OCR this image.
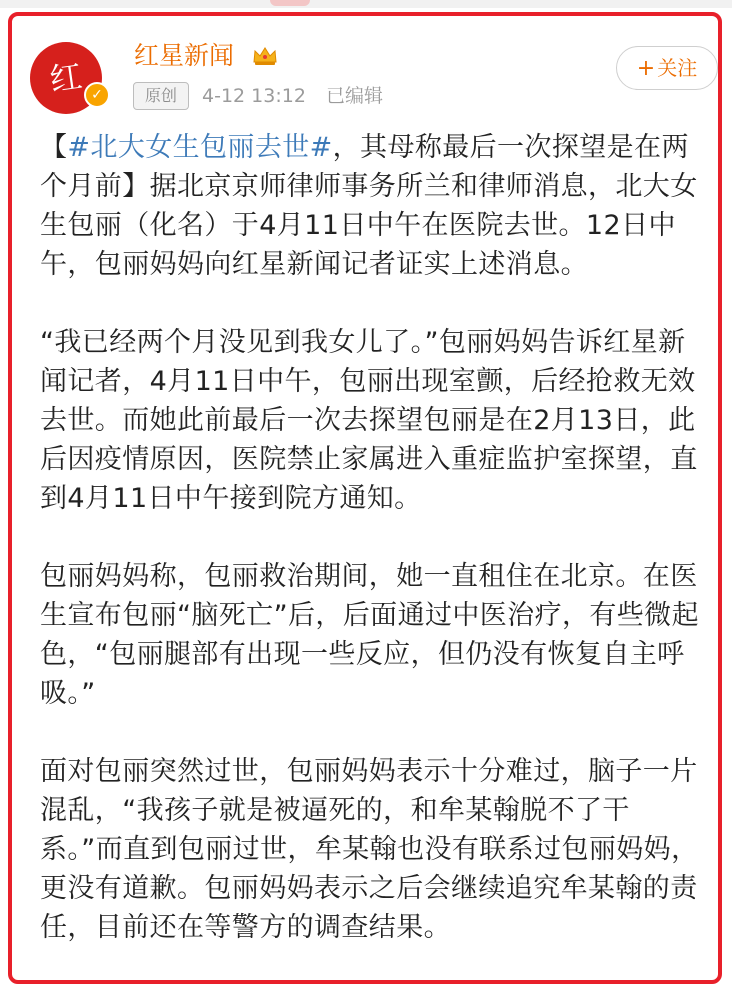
红星
✓
红星新闻
原创	4-12 13:12 已编辑
+ 关注

【#北大女生包丽去世#，其母称最后一次探望是在两个月前】据北京京师律师事务所兰和律师消息，北大女生包丽（化名）于4月11日中午在医院去世。12日中午，包丽妈妈向红星新闻记者证实上述消息。

“我已经两个月没见到我女儿了。”包丽妈妈告诉红星新闻记者，4月11日中午，包丽出现室颤，后经抢救无效去世。而她此前最后一次去探望包丽是在2月13日，此后因疫情原因，医院禁止家属进入重症监护室探望，直到4月11日中午接到院方通知。

包丽妈妈称，包丽救治期间，她一直租住在北京。在医生宣布包丽“脑死亡”后，后面通过中医治疗，有些微起色，“包丽腿部有出现一些反应，但仍没有恢复自主呼吸。”

面对包丽突然过世，包丽妈妈表示十分难过，脑子一片混乱，“我孩子就是被逼死的，和牟某翰脱不了干系。”而直到包丽过世，牟某翰也没有联系过包丽妈妈，更没有道歉。包丽妈妈表示之后会继续追究牟某翰的责任，目前还在等警方的调查结果。
